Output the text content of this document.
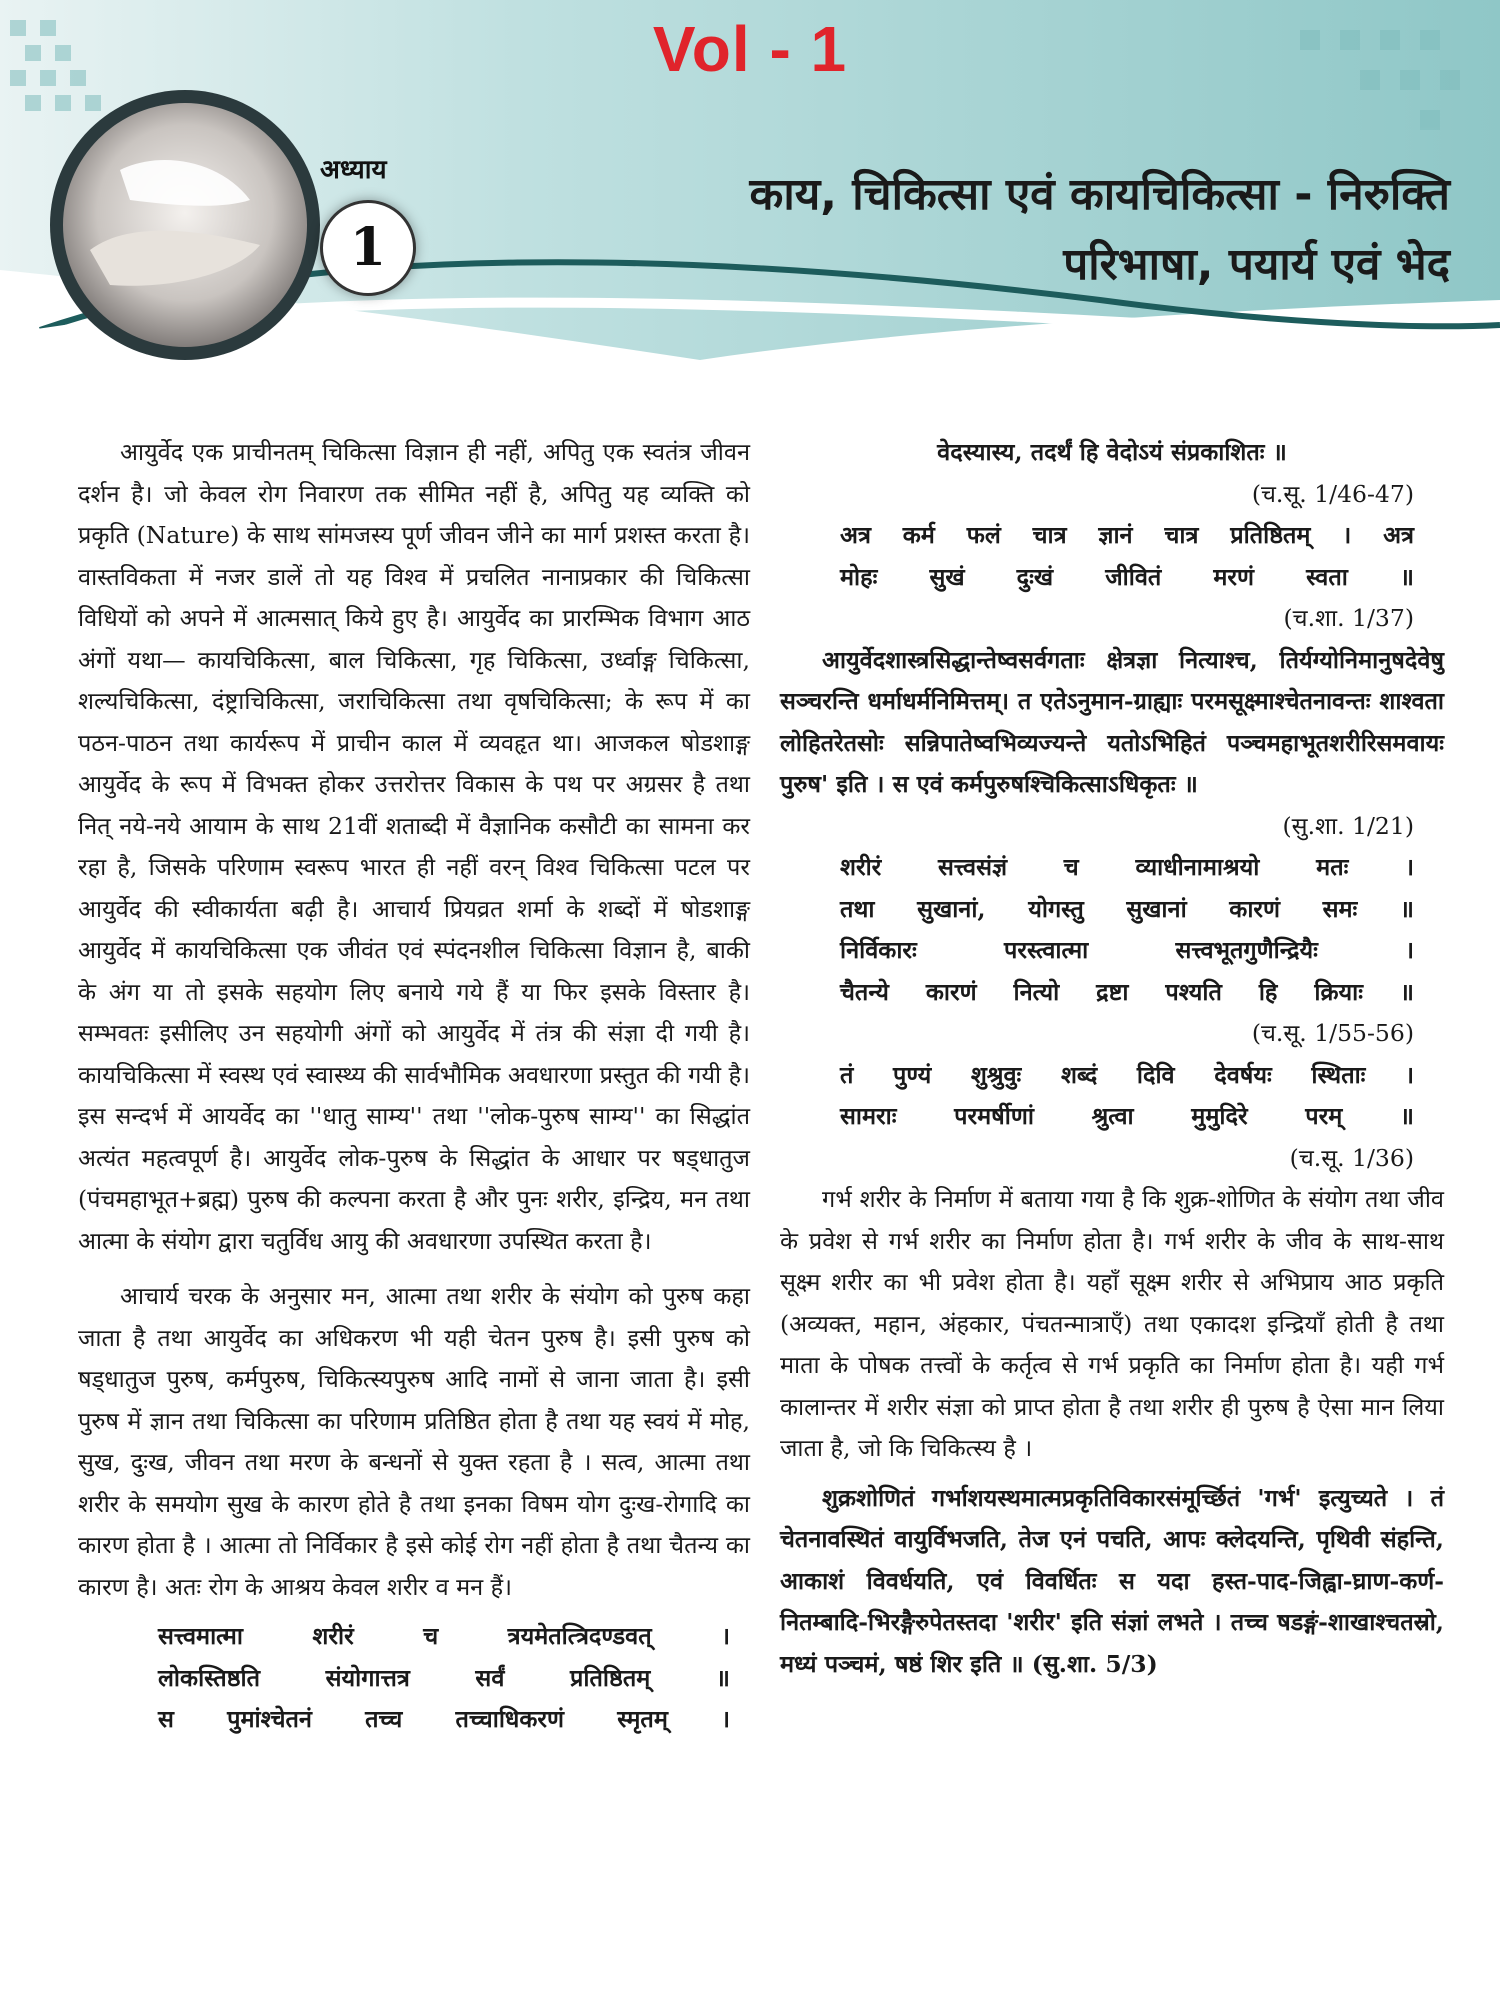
Vol - 1
अध्याय
1
काय, चिकित्सा एवं कायचिकित्सा - निरुक्ति
परिभाषा, पयार्य एवं भेद

आयुर्वेद एक प्राचीनतम् चिकित्सा विज्ञान ही नहीं, अपितु एक स्वतंत्र जीवन दर्शन है। जो केवल रोग निवारण तक सीमित नहीं है, अपितु यह व्यक्ति को प्रकृति (Nature) के साथ सांमजस्य पूर्ण जीवन जीने का मार्ग प्रशस्त करता है। वास्तविकता में नजर डालें तो यह विश्व में प्रचलित नानाप्रकार की चिकित्सा विधियों को अपने में आत्मसात् किये हुए है। आयुर्वेद का प्रारम्भिक विभाग आठ अंगों यथा— कायचिकित्सा, बाल चिकित्सा, गृह चिकित्सा, उर्ध्वाङ्ग चिकित्सा, शल्यचिकित्सा, दंष्ट्राचिकित्सा, जराचिकित्सा तथा वृषचिकित्सा; के रूप में का पठन-पाठन तथा कार्यरूप में प्राचीन काल में व्यवहृत था। आजकल षोडशाङ्ग आयुर्वेद के रूप में विभक्त होकर उत्तरोत्तर विकास के पथ पर अग्रसर है तथा नित् नये-नये आयाम के साथ 21वीं शताब्दी में वैज्ञानिक कसौटी का सामना कर रहा है, जिसके परिणाम स्वरूप भारत ही नहीं वरन् विश्व चिकित्सा पटल पर आयुर्वेद की स्वीकार्यता बढ़ी है। आचार्य प्रियव्रत शर्मा के शब्दों में षोडशाङ्ग आयुर्वेद में कायचिकित्सा एक जीवंत एवं स्पंदनशील चिकित्सा विज्ञान है, बाकी के अंग या तो इसके सहयोग लिए बनाये गये हैं या फिर इसके विस्तार है। सम्भवतः इसीलिए उन सहयोगी अंगों को आयुर्वेद में तंत्र की संज्ञा दी गयी है। कायचिकित्सा में स्वस्थ एवं स्वास्थ्य की सार्वभौमिक अवधारणा प्रस्तुत की गयी है। इस सन्दर्भ में आयर्वेद का ''धातु साम्य'' तथा ''लोक-पुरुष साम्य'' का सिद्धांत अत्यंत महत्वपूर्ण है। आयुर्वेद लोक-पुरुष के सिद्धांत के आधार पर षड्धातुज (पंचमहाभूत+ब्रह्म) पुरुष की कल्पना करता है और पुनः शरीर, इन्द्रिय, मन तथा आत्मा के संयोग द्वारा चतुर्विध आयु की अवधारणा उपस्थित करता है।

आचार्य चरक के अनुसार मन, आत्मा तथा शरीर के संयोग को पुरुष कहा जाता है तथा आयुर्वेद का अधिकरण भी यही चेतन पुरुष है। इसी पुरुष को षड्धातुज पुरुष, कर्मपुरुष, चिकित्स्यपुरुष आदि नामों से जाना जाता है। इसी पुरुष में ज्ञान तथा चिकित्सा का परिणाम प्रतिष्ठित होता है तथा यह स्वयं में मोह, सुख, दुःख, जीवन तथा मरण के बन्धनों से युक्त रहता है । सत्व, आत्मा तथा शरीर के समयोग सुख के कारण होते है तथा इनका विषम योग दुःख-रोगादि का कारण होता है । आत्मा तो निर्विकार है इसे कोई रोग नहीं होता है तथा चैतन्य का कारण है। अतः रोग के आश्रय केवल शरीर व मन हैं।

सत्त्वमात्मा शरीरं च त्रयमेतत्त्रिदण्डवत् ।

लोकस्तिष्ठति संयोगात्तत्र सर्वं प्रतिष्ठितम् ॥

स पुमांश्चेतनं तच्च तच्चाधिकरणं स्मृतम् ।

वेदस्यास्य, तदर्थं हि वेदोऽयं संप्रकाशितः ॥

(च.सू. 1/46-47)

अत्र कर्म फलं चात्र ज्ञानं चात्र प्रतिष्ठितम् । अत्र

मोहः सुखं दुःखं जीवितं मरणं स्वता ॥

(च.शा. 1/37)

आयुर्वेदशास्त्रसिद्धान्तेष्वसर्वगताः क्षेत्रज्ञा नित्याश्च, तिर्यग्योनिमानुषदेवेषु सञ्चरन्ति धर्माधर्मनिमित्तम्। त एतेऽनुमान-ग्राह्याः परमसूक्ष्माश्चेतनावन्तः शाश्वता लोहितरेतसोः सन्निपातेष्वभिव्यज्यन्ते यतोऽभिहितं पञ्चमहाभूतशरीरिसमवायः पुरुष' इति । स एवं कर्मपुरुषश्चिकित्साऽधिकृतः ॥

(सु.शा. 1/21)

शरीरं सत्त्वसंज्ञं च व्याधीनामाश्रयो मतः ।

तथा सुखानां, योगस्तु सुखानां कारणं समः ॥

निर्विकारः परस्त्वात्मा सत्त्वभूतगुणैन्द्रियैः ।

चैतन्ये कारणं नित्यो द्रष्टा पश्यति हि क्रियाः ॥

(च.सू. 1/55-56)

तं पुण्यं शुश्रुवुः शब्दं दिवि देवर्षयः स्थिताः ।

सामराः परमर्षीणां श्रुत्वा मुमुदिरे परम् ॥

(च.सू. 1/36)

गर्भ शरीर के निर्माण में बताया गया है कि शुक्र-शोणित के संयोग तथा जीव के प्रवेश से गर्भ शरीर का निर्माण होता है। गर्भ शरीर के जीव के साथ-साथ सूक्ष्म शरीर का भी प्रवेश होता है। यहाँ सूक्ष्म शरीर से अभिप्राय आठ प्रकृति (अव्यक्त, महान, अंहकार, पंचतन्मात्राएँ) तथा एकादश इन्द्रियाँ होती है तथा माता के पोषक तत्त्वों के कर्तृत्व से गर्भ प्रकृति का निर्माण होता है। यही गर्भ कालान्तर में शरीर संज्ञा को प्राप्त होता है तथा शरीर ही पुरुष है ऐसा मान लिया जाता है, जो कि चिकित्स्य है ।

शुक्रशोणितं गर्भाशयस्थमात्मप्रकृतिविकारसंमूर्च्छितं 'गर्भ' इत्युच्यते । तं चेतनावस्थितं वायुर्विभजति, तेज एनं पचति, आपः क्लेदयन्ति, पृथिवी संहन्ति, आकाशं विवर्धयति, एवं विवर्धितः स यदा हस्त-पाद-जिह्वा-घ्राण-कर्ण-नितम्बादि-भिरङ्गैरुपेतस्तदा 'शरीर' इति संज्ञां लभते । तच्च षडङ्गं-शाखाश्चतस्रो, मध्यं पञ्चमं, षष्ठं शिर इति ॥ (सु.शा. 5/3)
